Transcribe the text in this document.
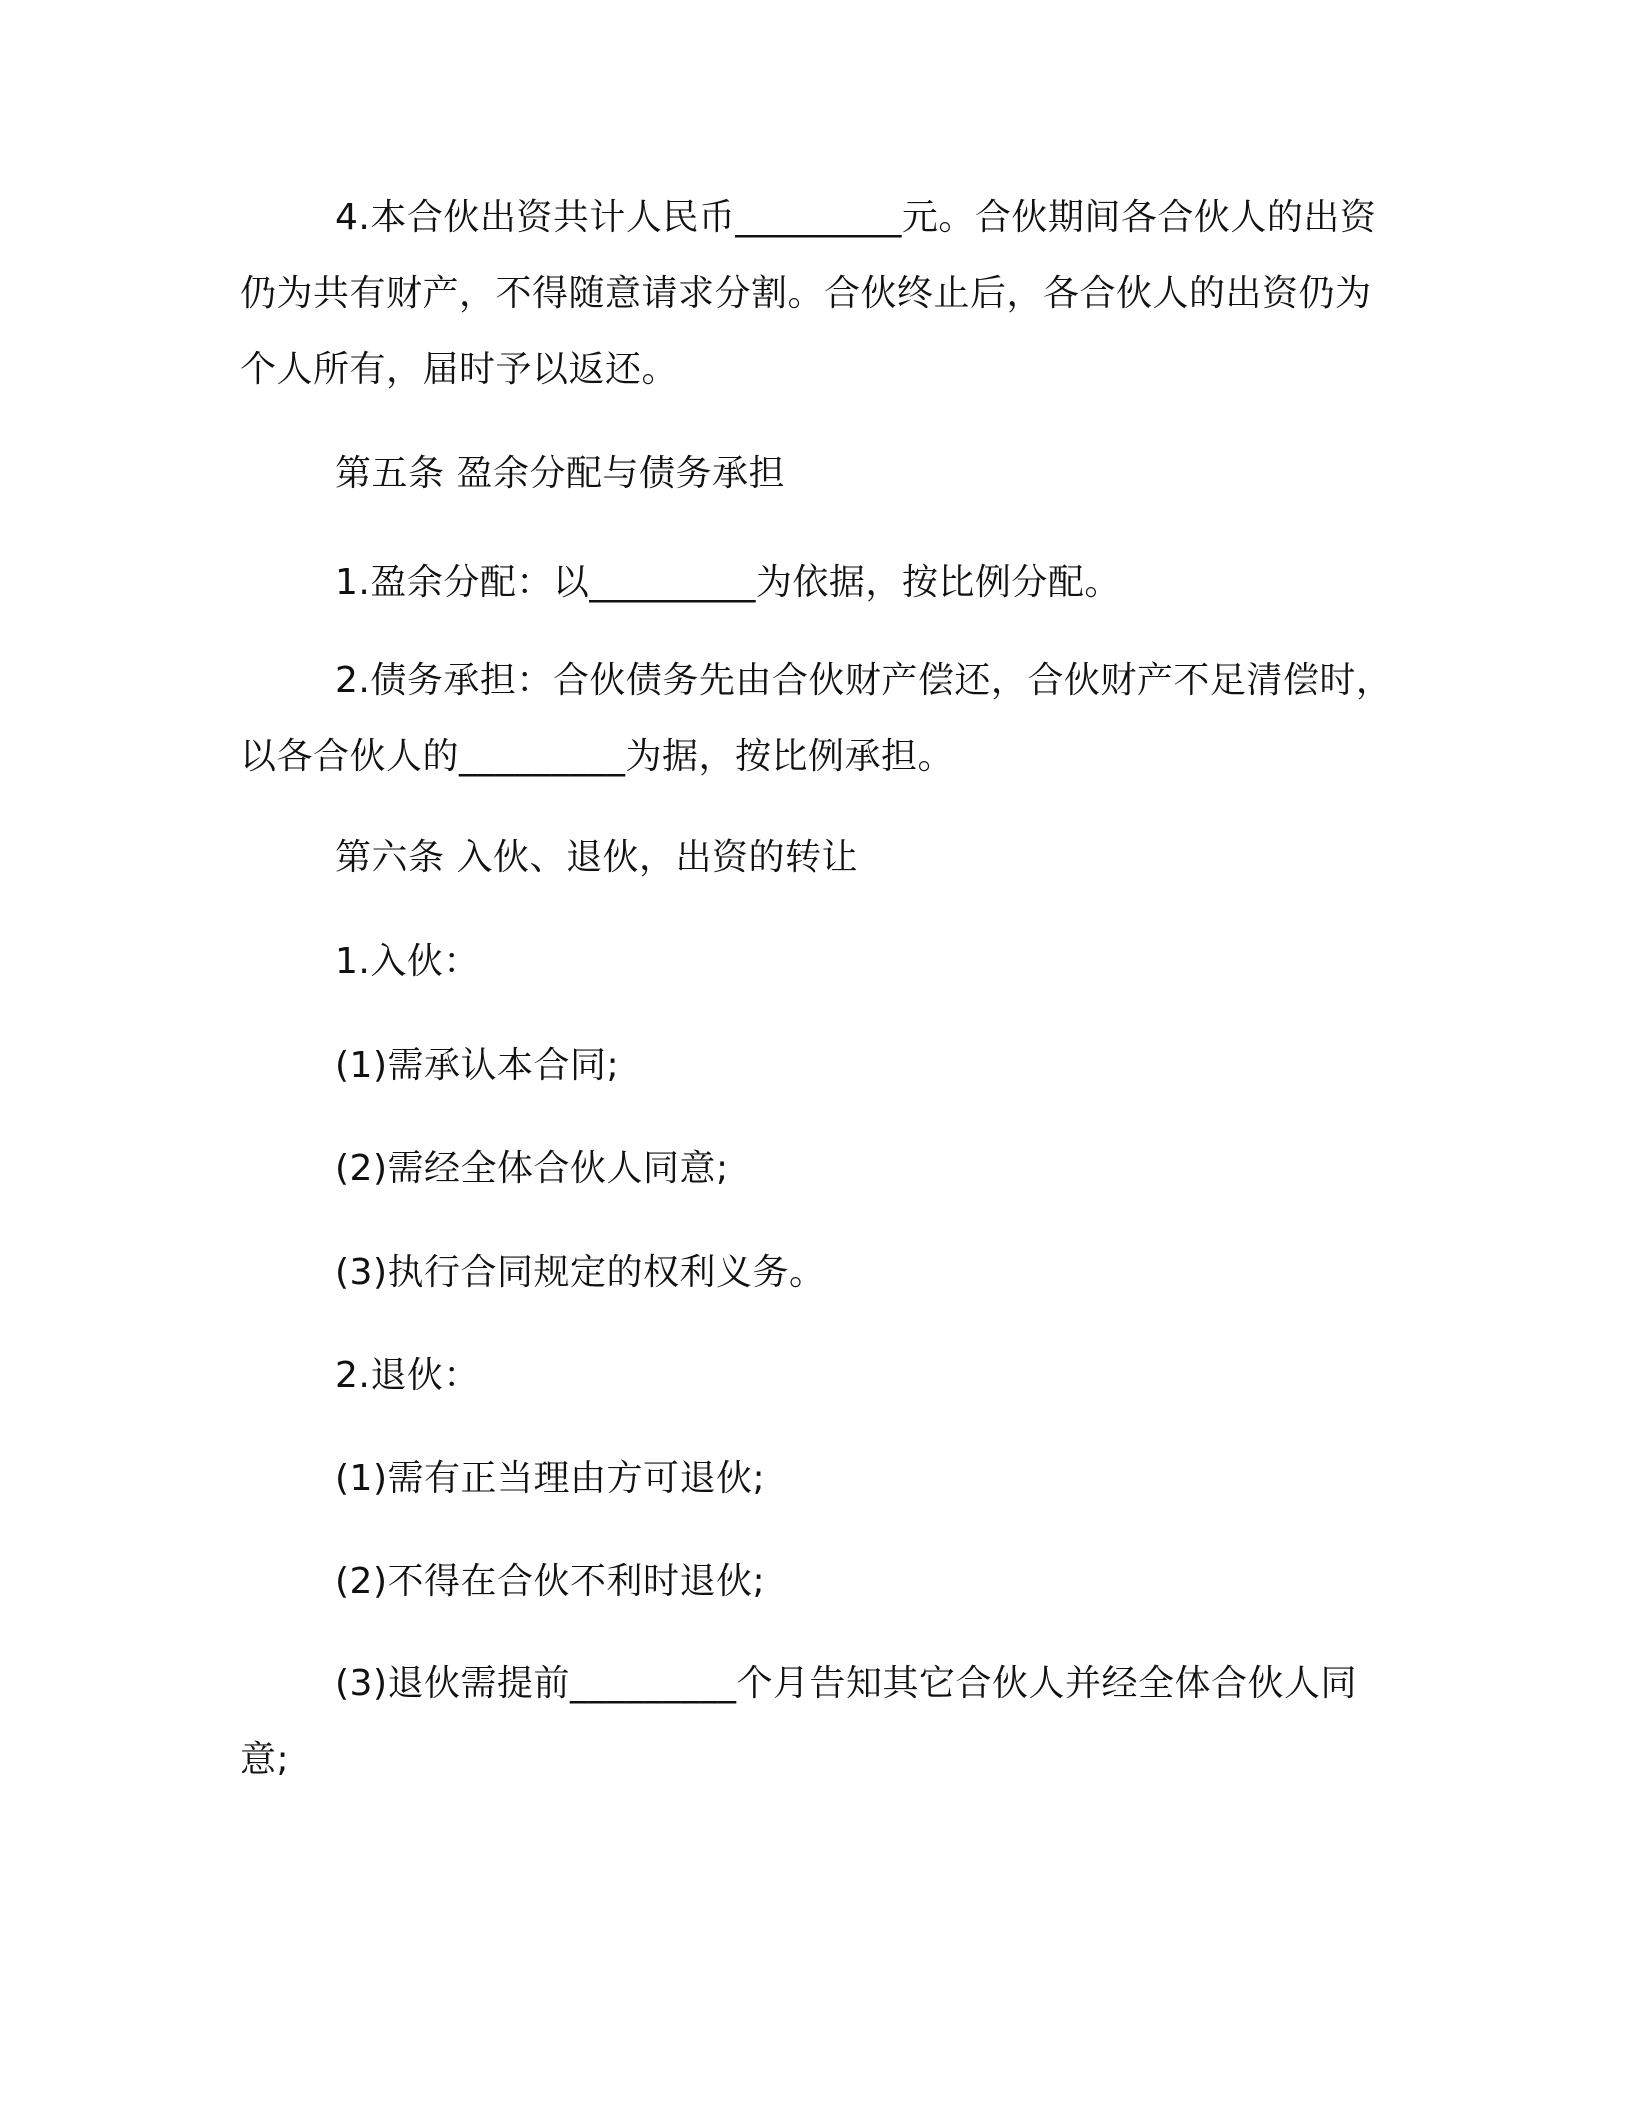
4.本合伙出资共计人民币_________元。合伙期间各合伙人的出资仍为共有财产，不得随意请求分割。合伙终止后，各合伙人的出资仍为个人所有，届时予以返还。

第五条 盈余分配与债务承担

1.盈余分配：以_________为依据，按比例分配。

2.债务承担：合伙债务先由合伙财产偿还，合伙财产不足清偿时，以各合伙人的_________为据，按比例承担。

第六条 入伙、退伙，出资的转让

1.入伙：

(1)需承认本合同;

(2)需经全体合伙人同意;

(3)执行合同规定的权利义务。

2.退伙：

(1)需有正当理由方可退伙;

(2)不得在合伙不利时退伙;

(3)退伙需提前_________个月告知其它合伙人并经全体合伙人同意;
